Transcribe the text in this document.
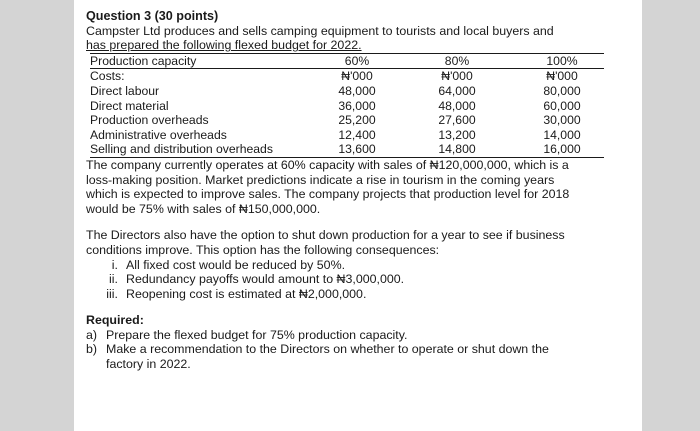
Question 3 (30 points)

Campster Ltd produces and sells camping equipment to tourists and local buyers and

has prepared the following flexed budget for 2022.

Production capacity	60%	80%	100%
Costs:	₦'000	₦'000	₦'000
Direct labour	48,000	64,000	80,000
Direct material	36,000	48,000	60,000
Production overheads	25,200	27,600	30,000
Administrative overheads	12,400	13,200	14,000
Selling and distribution overheads	13,600	14,800	16,000

The company currently operates at 60% capacity with sales of ₦120,000,000, which is a

loss-making position. Market predictions indicate a rise in tourism in the coming years

which is expected to improve sales. The company projects that production level for 2018

would be 75% with sales of ₦150,000,000.

The Directors also have the option to shut down production for a year to see if business

conditions improve. This option has the following consequences:

i. All fixed cost would be reduced by 50%.
ii. Redundancy payoffs would amount to ₦3,000,000.
iii. Reopening cost is estimated at ₦2,000,000.
Required:
a) Prepare the flexed budget for 75% production capacity.
b) Make a recommendation to the Directors on whether to operate or shut down the
factory in 2022.
